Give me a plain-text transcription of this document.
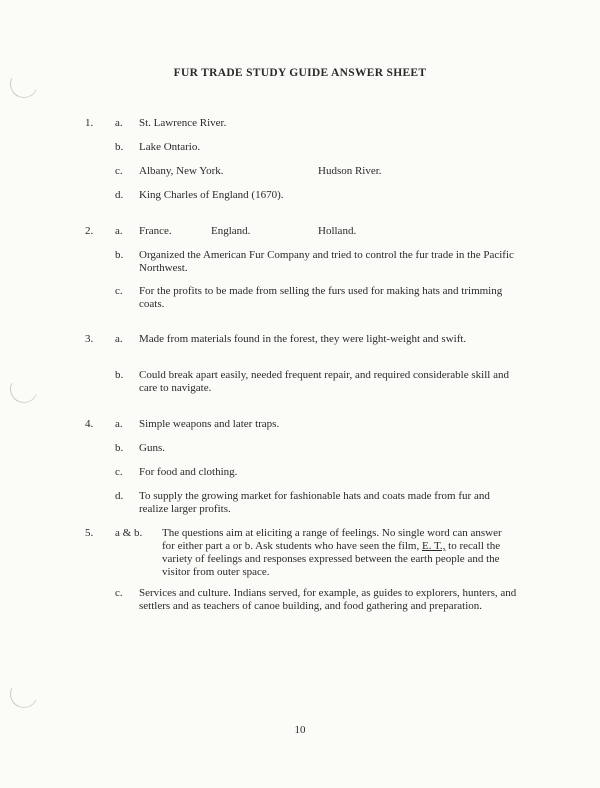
FUR TRADE STUDY GUIDE ANSWER SHEET
1. a. St. Lawrence River.
b. Lake Ontario.
c. Albany, New York.	Hudson River.
d. King Charles of England (1670).
2. a. France.	England.	Holland.
b. Organized the American Fur Company and tried to control the fur trade in the Pacific Northwest.
c. For the profits to be made from selling the furs used for making hats and trimming coats.
3. a. Made from materials found in the forest, they were light-weight and swift.
b. Could break apart easily, needed frequent repair, and required considerable skill and care to navigate.
4. a. Simple weapons and later traps.
b. Guns.
c. For food and clothing.
d. To supply the growing market for fashionable hats and coats made from fur and realize larger profits.
5. a & b. The questions aim at eliciting a range of feelings. No single word can answer for either part a or b. Ask students who have seen the film, E. T., to recall the variety of feelings and responses expressed between the earth people and the visitor from outer space.
c. Services and culture. Indians served, for example, as guides to explorers, hunters, and settlers and as teachers of canoe building, and food gathering and preparation.
10
